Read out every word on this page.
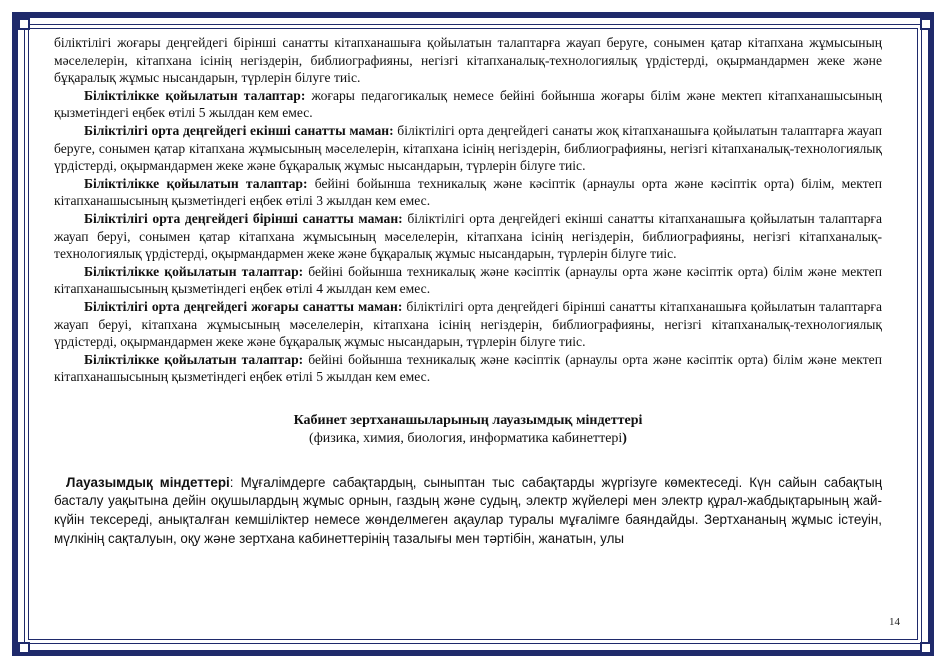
біліктілігі жоғары деңгейдегі бірінші санатты кітапханашыға қойылатын талаптарға жауап беруге, сонымен қатар кітапхана жұмысының мәселелерін, кітапхана ісінің негіздерін, библиографияны, негізгі кітапханалық-технологиялық үрдістерді, оқырмандармен жеке және бұқаралық жұмыс нысандарын, түрлерін білуге тиіс.

Біліктілікке қойылатын талаптар: жоғары педагогикалық немесе бейіні бойынша жоғары білім және мектеп кітапханашысының қызметіндегі еңбек өтілі 5 жылдан кем емес.

Біліктілігі орта деңгейдегі екінші санатты маман: біліктілігі орта деңгейдегі санаты жоқ кітапханашыға қойылатын талаптарға жауап беруге, сонымен қатар кітапхана жұмысының мәселелерін, кітапхана ісінің негіздерін, библиографияны, негізгі кітапханалық-технологиялық үрдістерді, оқырмандармен жеке және бұқаралық жұмыс нысандарын, түрлерін білуге тиіс.

Біліктілікке қойылатын талаптар: бейіні бойынша техникалық және кәсіптік (арнаулы орта және кәсіптік орта) білім, мектеп кітапханашысының қызметіндегі еңбек өтілі 3 жылдан кем емес.

Біліктілігі орта деңгейдегі бірінші санатты маман: біліктілігі орта деңгейдегі екінші санатты кітапханашыға қойылатын талаптарға жауап беруі, сонымен қатар кітапхана жұмысының мәселелерін, кітапхана ісінің негіздерін, библиографияны, негізгі кітапханалық-технологиялық үрдістерді, оқырмандармен жеке және бұқаралық жұмыс нысандарын, түрлерін білуге тиіс.

Біліктілікке қойылатын талаптар: бейіні бойынша техникалық және кәсіптік (арнаулы орта және кәсіптік орта) білім және мектеп кітапханашысының қызметіндегі еңбек өтілі 4 жылдан кем емес.

Біліктілігі орта деңгейдегі жоғары санатты маман: біліктілігі орта деңгейдегі бірінші санатты кітапханашыға қойылатын талаптарға жауап беруі, кітапхана жұмысының мәселелерін, кітапхана ісінің негіздерін, библиографияны, негізгі кітапханалық-технологиялық үрдістерді, оқырмандармен жеке және бұқаралық жұмыс нысандарын, түрлерін білуге тиіс.

Біліктілікке қойылатын талаптар: бейіні бойынша техникалық және кәсіптік (арнаулы орта және кәсіптік орта) білім және мектеп кітапханашысының қызметіндегі еңбек өтілі 5 жылдан кем емес.

Кабинет зертханашыларының лауазымдық міндеттері

(физика, химия, биология, информатика кабинеттері)

Лауазымдық міндеттері: Мұғалімдерге сабақтардың, сыныптан тыс сабақтарды жүргізуге көмектеседі. Күн сайын сабақтың басталу уақытына дейін оқушылардың жұмыс орнын, газдың және судың, электр жүйелері мен электр құрал-жабдықтарының жай-күйін тексереді, анықталған кемшіліктер немесе жөнделмеген ақаулар туралы мұғалімге баяндайды. Зертхананың жұмыс істеуін, мүлкінің сақталуын, оқу және зертхана кабинеттерінің тазалығы мен тәртібін, жанатын, улы

14
